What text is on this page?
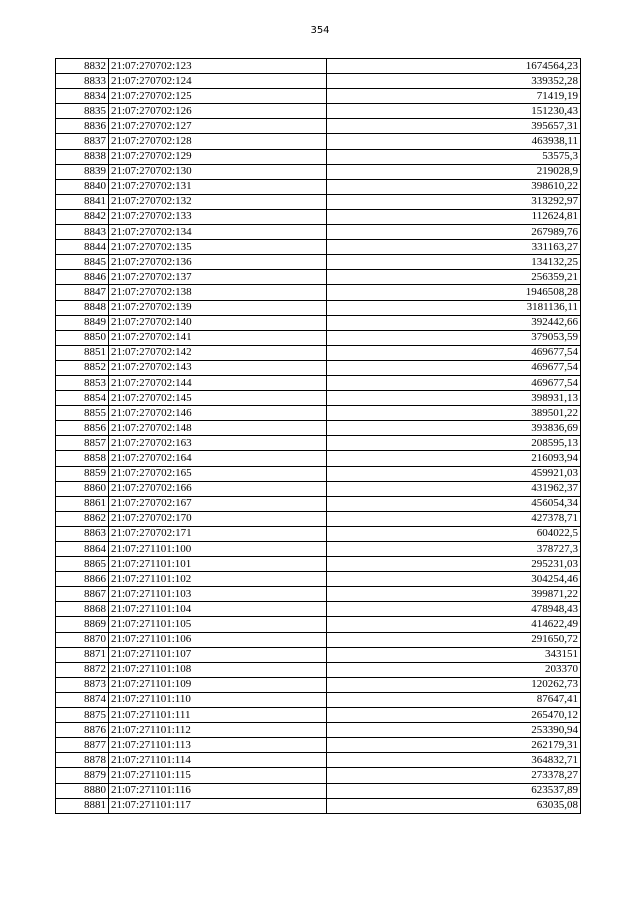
354
8832	21:07:270702:123	1674564,23
8833	21:07:270702:124	339352,28
8834	21:07:270702:125	71419,19
8835	21:07:270702:126	151230,43
8836	21:07:270702:127	395657,31
8837	21:07:270702:128	463938,11
8838	21:07:270702:129	53575,3
8839	21:07:270702:130	219028,9
8840	21:07:270702:131	398610,22
8841	21:07:270702:132	313292,97
8842	21:07:270702:133	112624,81
8843	21:07:270702:134	267989,76
8844	21:07:270702:135	331163,27
8845	21:07:270702:136	134132,25
8846	21:07:270702:137	256359,21
8847	21:07:270702:138	1946508,28
8848	21:07:270702:139	3181136,11
8849	21:07:270702:140	392442,66
8850	21:07:270702:141	379053,59
8851	21:07:270702:142	469677,54
8852	21:07:270702:143	469677,54
8853	21:07:270702:144	469677,54
8854	21:07:270702:145	398931,13
8855	21:07:270702:146	389501,22
8856	21:07:270702:148	393836,69
8857	21:07:270702:163	208595,13
8858	21:07:270702:164	216093,94
8859	21:07:270702:165	459921,03
8860	21:07:270702:166	431962,37
8861	21:07:270702:167	456054,34
8862	21:07:270702:170	427378,71
8863	21:07:270702:171	604022,5
8864	21:07:271101:100	378727,3
8865	21:07:271101:101	295231,03
8866	21:07:271101:102	304254,46
8867	21:07:271101:103	399871,22
8868	21:07:271101:104	478948,43
8869	21:07:271101:105	414622,49
8870	21:07:271101:106	291650,72
8871	21:07:271101:107	343151
8872	21:07:271101:108	203370
8873	21:07:271101:109	120262,73
8874	21:07:271101:110	87647,41
8875	21:07:271101:111	265470,12
8876	21:07:271101:112	253390,94
8877	21:07:271101:113	262179,31
8878	21:07:271101:114	364832,71
8879	21:07:271101:115	273378,27
8880	21:07:271101:116	623537,89
8881	21:07:271101:117	63035,08
